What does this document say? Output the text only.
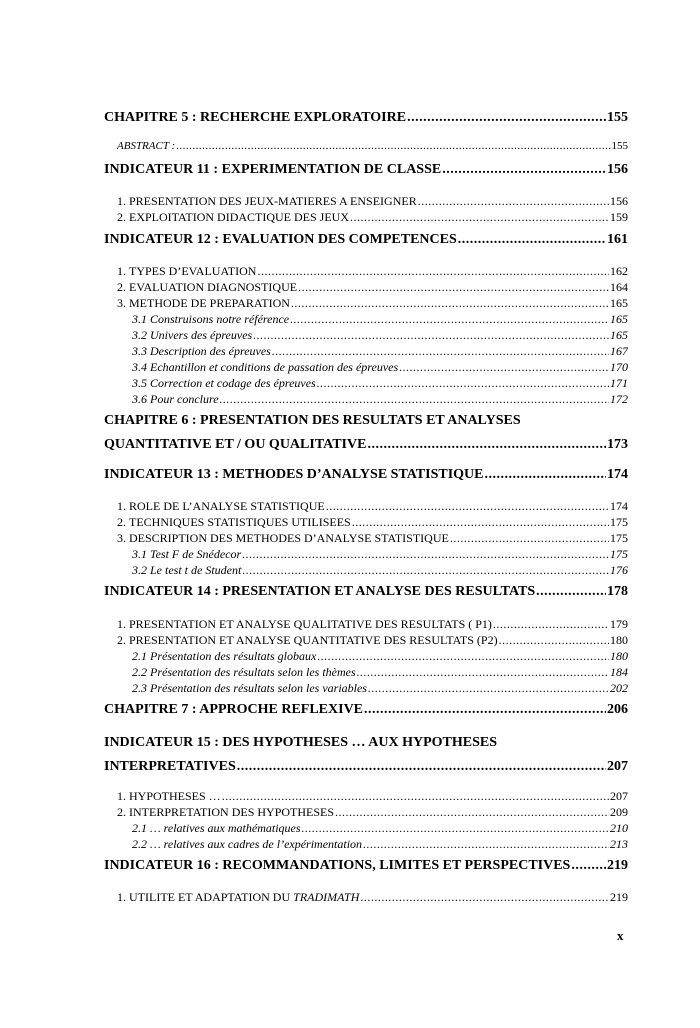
CHAPITRE 5 : RECHERCHE EXPLORATOIRE .....	155
ABSTRACT : .....	155
INDICATEUR 11 : EXPERIMENTATION DE CLASSE .....	156
1. PRESENTATION DES JEUX-MATIERES A ENSEIGNER .....	156
2. EXPLOITATION DIDACTIQUE DES JEUX .....	159
INDICATEUR 12 : EVALUATION DES COMPETENCES .....	161
1. TYPES D’EVALUATION .....	162
2. EVALUATION DIAGNOSTIQUE .....	164
3. METHODE DE PREPARATION .....	165
3.1 Construisons notre référence .....	165
3.2 Univers des épreuves .....	165
3.3 Description des épreuves .....	167
3.4 Echantillon et conditions de passation des épreuves .....	170
3.5 Correction et codage des épreuves .....	171
3.6 Pour conclure .....	172
CHAPITRE 6 : PRESENTATION DES RESULTATS ET ANALYSES
QUANTITATIVE ET / OU QUALITATIVE .....	173
INDICATEUR 13 : METHODES D’ANALYSE STATISTIQUE .....	174
1. ROLE DE L’ANALYSE STATISTIQUE .....	174
2. TECHNIQUES STATISTIQUES UTILISEES .....	175
3. DESCRIPTION DES METHODES D’ANALYSE STATISTIQUE .....	175
3.1 Test F de Snédecor .....	175
3.2 Le test t de Student .....	176
INDICATEUR 14 : PRESENTATION ET ANALYSE DES RESULTATS .....	178
1. PRESENTATION ET ANALYSE QUALITATIVE DES RESULTATS ( P1) .....	179
2. PRESENTATION ET ANALYSE QUANTITATIVE DES RESULTATS (P2) .....	180
2.1 Présentation des résultats globaux .....	180
2.2 Présentation des résultats selon les thèmes .....	184
2.3 Présentation des résultats selon les variables .....	202
CHAPITRE 7 : APPROCHE REFLEXIVE .....	206
INDICATEUR 15 : DES HYPOTHESES … AUX HYPOTHESES
INTERPRETATIVES .....	207
1. HYPOTHESES … .....	207
2. INTERPRETATION DES HYPOTHESES .....	209
2.1 … relatives aux mathématiques .....	210
2.2 … relatives aux cadres de l’expérimentation .....	213
INDICATEUR 16 : RECOMMANDATIONS, LIMITES ET PERSPECTIVES .....	219
1. UTILITE ET ADAPTATION DU TRADIMATH .....	219
x
